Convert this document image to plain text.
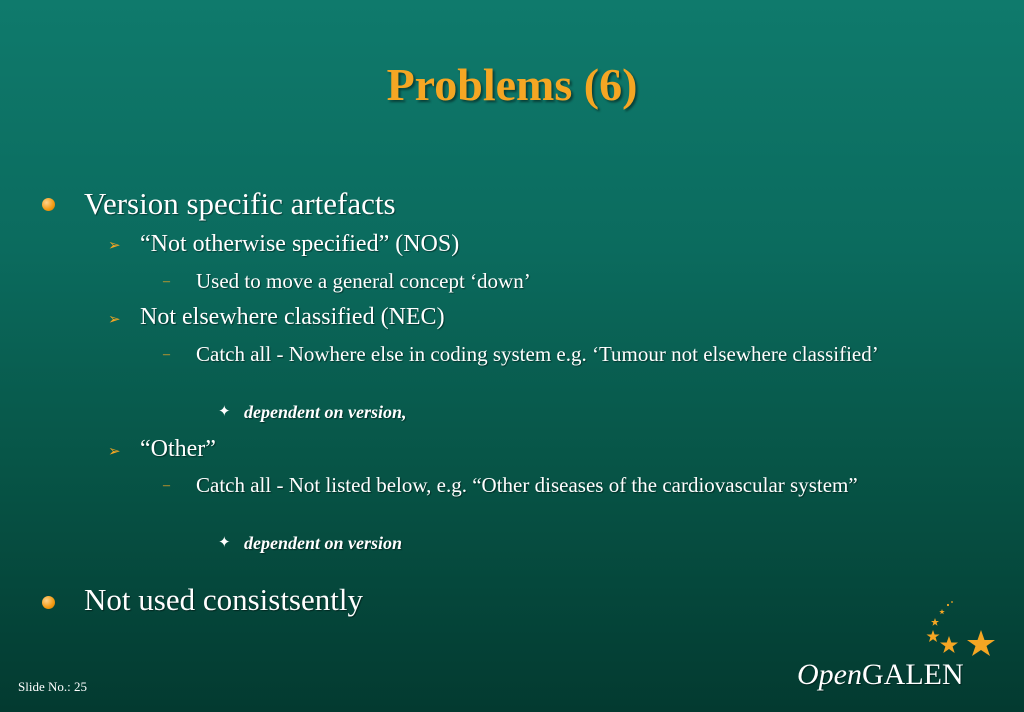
Problems (6)
Version specific artefacts
➢ “Not otherwise specified” (NOS)
– Used to move a general concept ‘down’
➢ Not elsewhere classified (NEC)
– Catch all - Nowhere else in coding system e.g. ‘Tumour not elsewhere classified’
✦ dependent on version,
➢ “Other”
– Catch all - Not listed below, e.g. “Other diseases of the cardiovascular system”
✦ dependent on version
Not used consistsently
Slide No.: 25	OpenGALEN
